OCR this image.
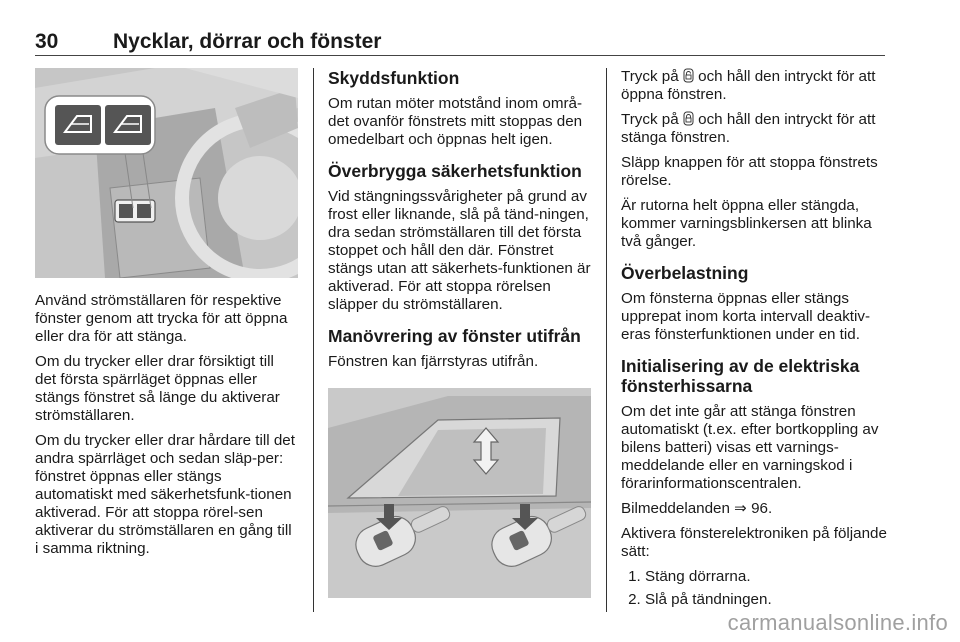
30	Nycklar, dörrar och fönster

Använd strömställaren för respektive fönster genom att trycka för att öppna eller dra för att stänga.

Om du trycker eller drar försiktigt till det första spärrläget öppnas eller stängs fönstret så länge du aktiverar strömställaren.

Om du trycker eller drar hårdare till det andra spärrläget och sedan släp-per: fönstret öppnas eller stängs automatiskt med säkerhetsfunk-tionen aktiverad. För att stoppa rörel-sen aktiverar du strömställaren en gång till i samma riktning.

Skyddsfunktion

Om rutan möter motstånd inom områ-det ovanför fönstrets mitt stoppas den omedelbart och öppnas helt igen.

Överbrygga säkerhetsfunktion

Vid stängningssvårigheter på grund av frost eller liknande, slå på tänd-ningen, dra sedan strömställaren till det första stoppet och håll den där. Fönstret stängs utan att säkerhets-funktionen är aktiverad. För att stoppa rörelsen släpper du strömställaren.

Manövrering av fönster utifrån

Fönstren kan fjärrstyras utifrån.

Tryck på och håll den intryckt för att öppna fönstren.

Tryck på och håll den intryckt för att stänga fönstren.

Släpp knappen för att stoppa fönstrets rörelse.

Är rutorna helt öppna eller stängda, kommer varningsblinkersen att blinka två gånger.

Överbelastning

Om fönsterna öppnas eller stängs upprepat inom korta intervall deaktiv-eras fönsterfunktionen under en tid.

Initialisering av de elektriska fönsterhissarna

Om det inte går att stänga fönstren automatiskt (t.ex. efter bortkoppling av bilens batteri) visas ett varnings-meddelande eller en varningskod i förarinformationscentralen.

Bilmeddelanden ⇒ 96.

Aktivera fönsterelektroniken på följande sätt:

1. Stäng dörrarna.
2. Slå på tändningen.
carmanualsonline.info
